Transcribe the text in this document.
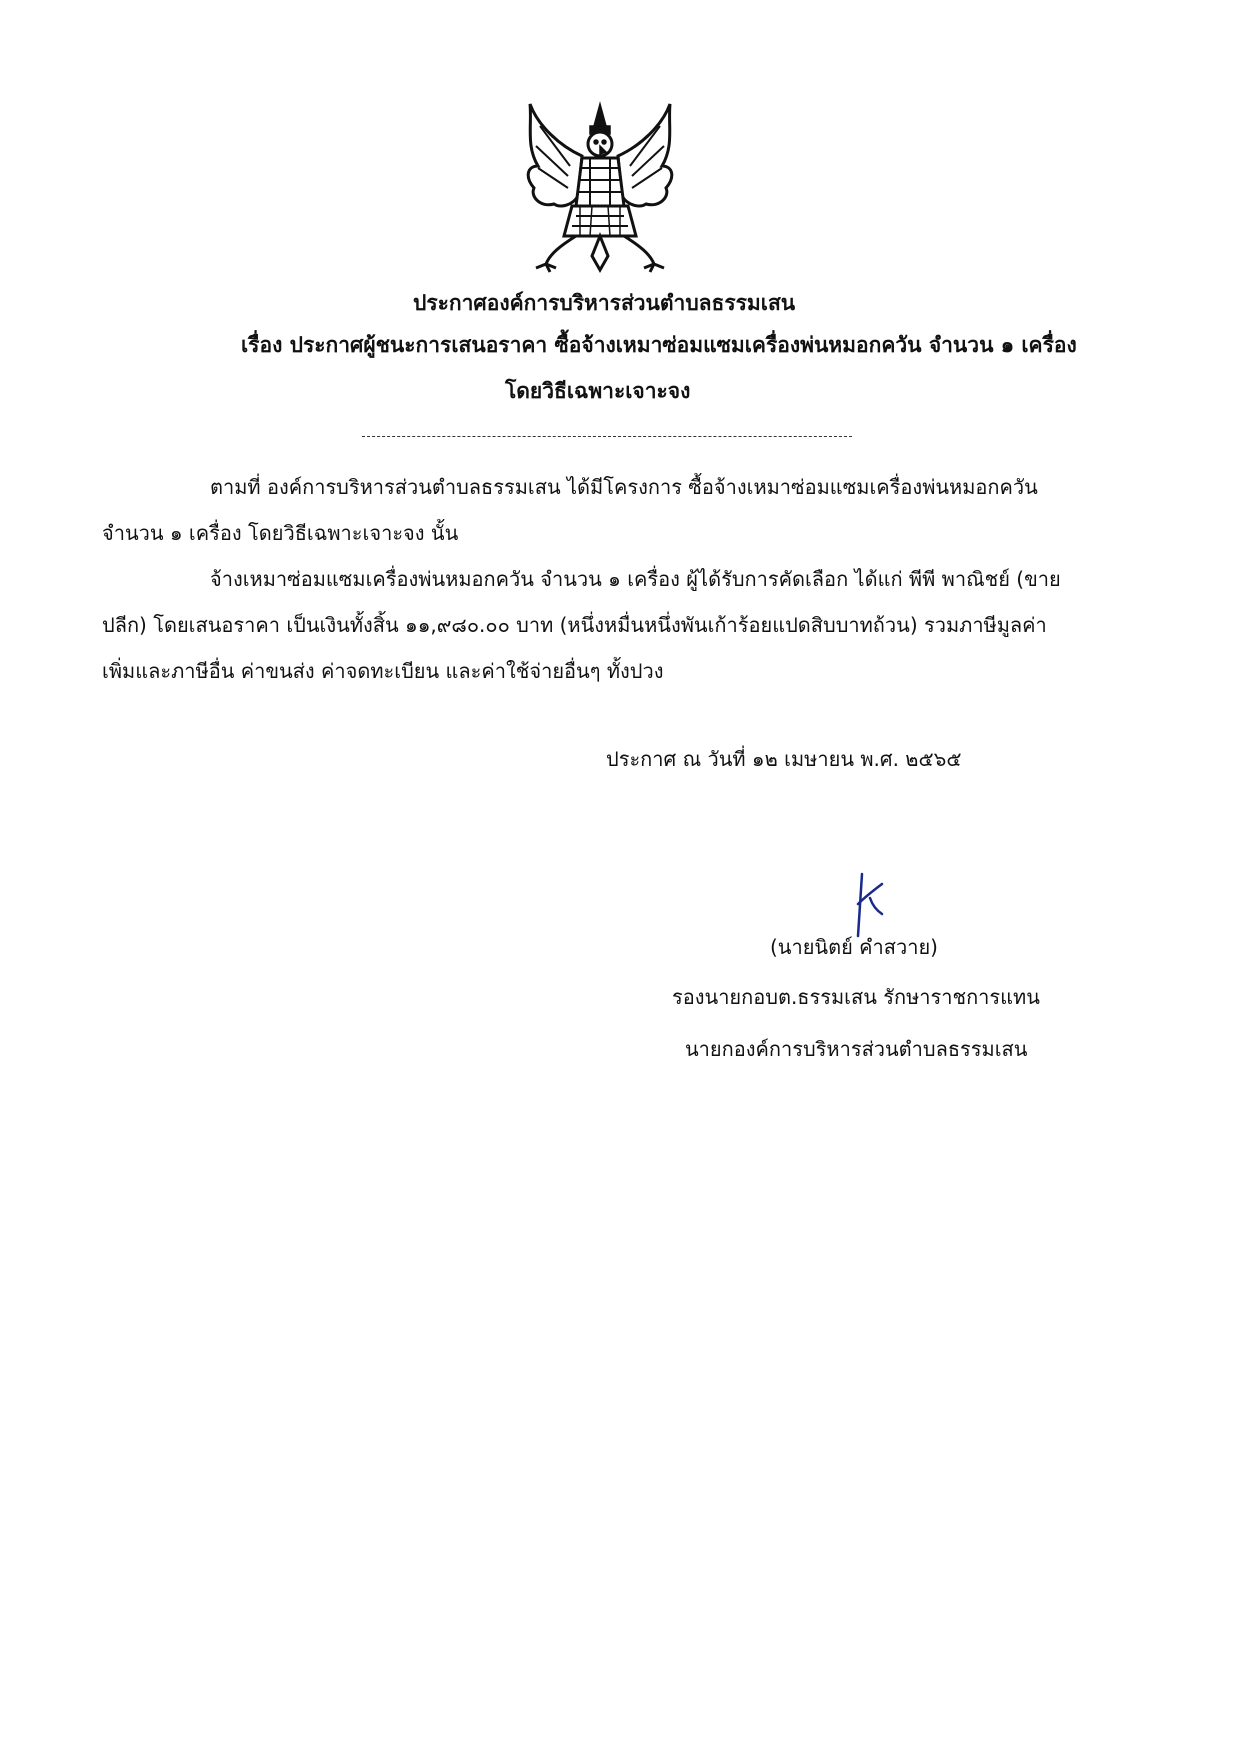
ประกาศองค์การบริหารส่วนตำบลธรรมเสน
เรื่อง ประกาศผู้ชนะการเสนอราคา ซื้อจ้างเหมาซ่อมแซมเครื่องพ่นหมอกควัน จำนวน ๑ เครื่อง
โดยวิธีเฉพาะเจาะจง
ตามที่ องค์การบริหารส่วนตำบลธรรมเสน ได้มีโครงการ ซื้อจ้างเหมาซ่อมแซมเครื่องพ่นหมอกควัน
จำนวน ๑ เครื่อง โดยวิธีเฉพาะเจาะจง นั้น
จ้างเหมาซ่อมแซมเครื่องพ่นหมอกควัน จำนวน ๑ เครื่อง ผู้ได้รับการคัดเลือก ได้แก่ พีพี พาณิชย์ (ขาย
ปลีก) โดยเสนอราคา เป็นเงินทั้งสิ้น ๑๑,๙๘๐.๐๐ บาท (หนึ่งหมื่นหนึ่งพันเก้าร้อยแปดสิบบาทถ้วน) รวมภาษีมูลค่า
เพิ่มและภาษีอื่น ค่าขนส่ง ค่าจดทะเบียน และค่าใช้จ่ายอื่นๆ ทั้งปวง
ประกาศ ณ วันที่ ๑๒ เมษายน พ.ศ. ๒๕๖๕
(นายนิตย์ คำสวาย)
รองนายกอบต.ธรรมเสน รักษาราชการแทน
นายกองค์การบริหารส่วนตำบลธรรมเสน
